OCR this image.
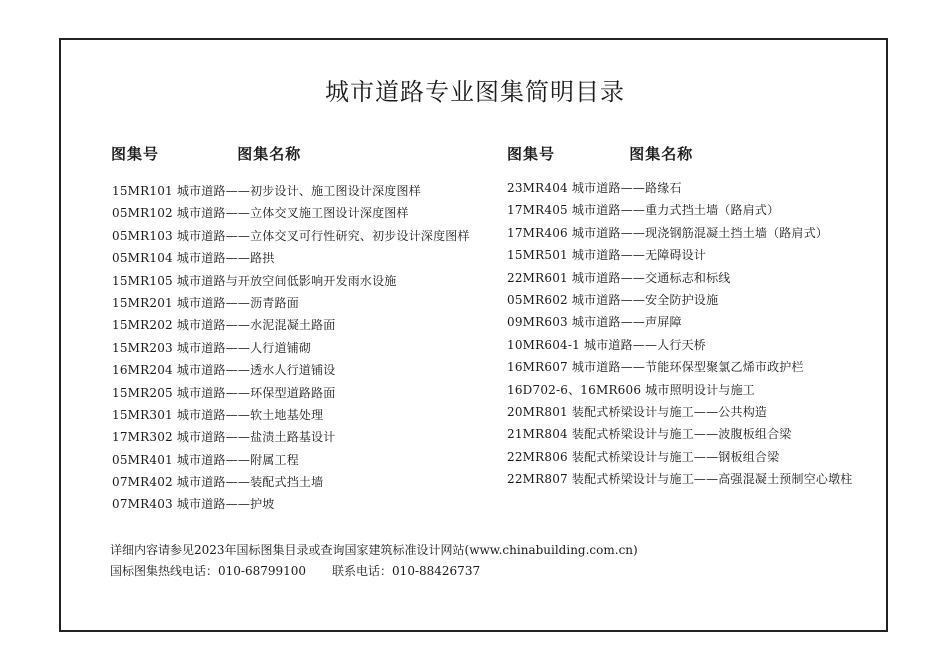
城市道路专业图集简明目录
图集号	图集名称	图集号	图集名称
15MR101 城市道路——初步设计、施工图设计深度图样
05MR102 城市道路——立体交叉施工图设计深度图样
05MR103 城市道路——立体交叉可行性研究、初步设计深度图样
05MR104 城市道路——路拱
15MR105 城市道路与开放空间低影响开发雨水设施
15MR201 城市道路——沥青路面
15MR202 城市道路——水泥混凝土路面
15MR203 城市道路——人行道铺砌
16MR204 城市道路——透水人行道铺设
15MR205 城市道路——环保型道路路面
15MR301 城市道路——软土地基处理
17MR302 城市道路——盐渍土路基设计
05MR401 城市道路——附属工程
07MR402 城市道路——装配式挡土墙
07MR403 城市道路——护坡
23MR404 城市道路——路缘石
17MR405 城市道路——重力式挡土墙（路肩式）
17MR406 城市道路——现浇钢筋混凝土挡土墙（路肩式）
15MR501 城市道路——无障碍设计
22MR601 城市道路——交通标志和标线
05MR602 城市道路——安全防护设施
09MR603 城市道路——声屏障
10MR604-1 城市道路——人行天桥
16MR607 城市道路——节能环保型聚氯乙烯市政护栏
16D702-6、16MR606 城市照明设计与施工
20MR801 装配式桥梁设计与施工——公共构造
21MR804 装配式桥梁设计与施工——波腹板组合梁
22MR806 装配式桥梁设计与施工——钢板组合梁
22MR807 装配式桥梁设计与施工——高强混凝土预制空心墩柱
详细内容请参见2023年国标图集目录或查询国家建筑标准设计网站(www.chinabuilding.com.cn)
国标图集热线电话：010-68799100 联系电话：010-88426737
